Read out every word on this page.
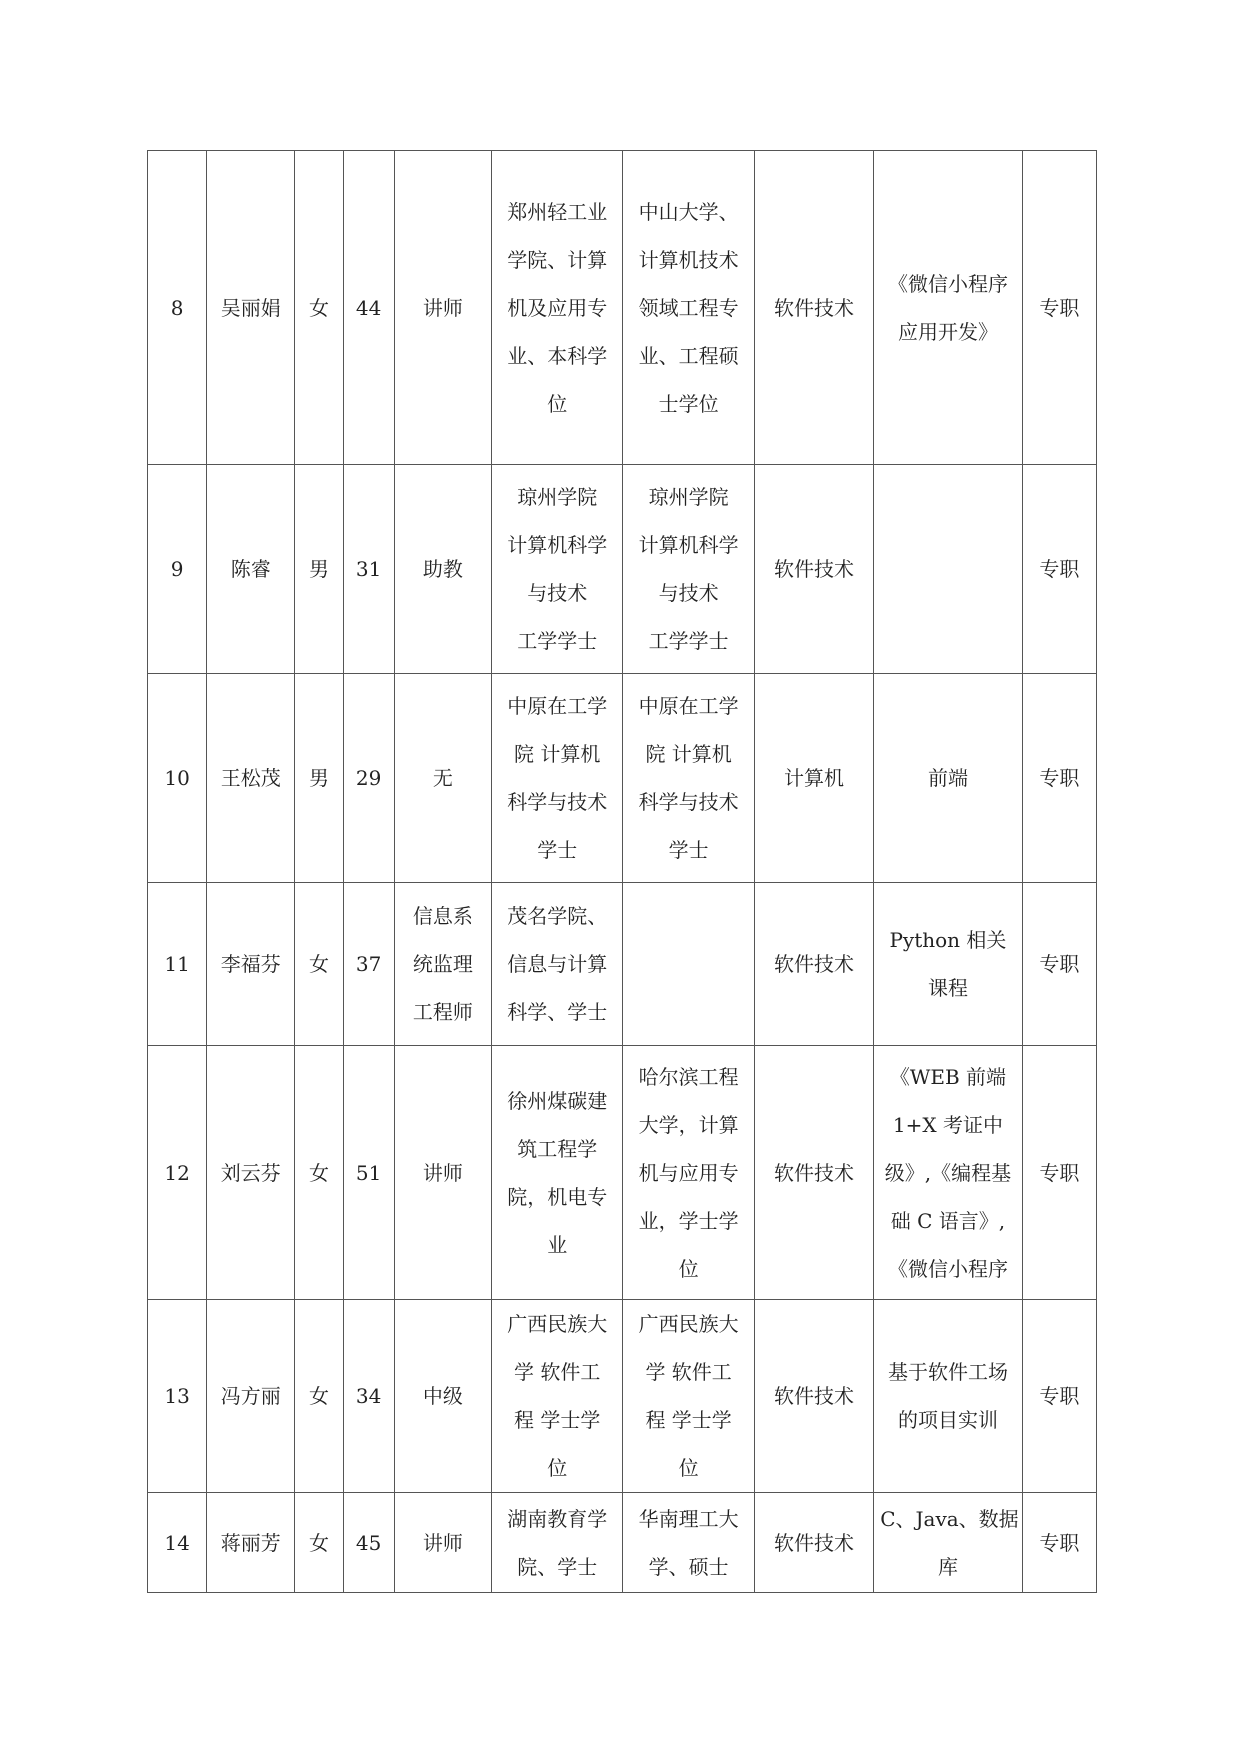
8	吴丽娟	女	44	讲师	郑州轻工业
学院、计算
机及应用专
业、本科学
位	中山大学、
计算机技术
领域工程专
业、工程硕
士学位	软件技术	《微信小程序
应用开发》	专职
9	陈睿	男	31	助教	琼州学院
计算机科学
与技术
工学学士	琼州学院
计算机科学
与技术
工学学士	软件技术		专职
10	王松茂	男	29	无	中原在工学
院 计算机
科学与技术
学士	中原在工学
院 计算机
科学与技术
学士	计算机	前端	专职
11	李福芬	女	37	信息系
统监理
工程师	茂名学院、
信息与计算
科学、学士		软件技术	Python 相关
课程	专职
12	刘云芬	女	51	讲师	徐州煤碳建
筑工程学
院，机电专
业	哈尔滨工程
大学，计算
机与应用专
业，学士学
位	软件技术	《WEB 前端
1+X 考证中
级》,《编程基
础 C 语言》,
《微信小程序	专职
13	冯方丽	女	34	中级	广西民族大
学 软件工
程 学士学
位	广西民族大
学 软件工
程 学士学
位	软件技术	基于软件工场
的项目实训	专职
14	蒋丽芳	女	45	讲师	湖南教育学
院、学士	华南理工大
学、硕士	软件技术	C、Java、数据
库	专职
